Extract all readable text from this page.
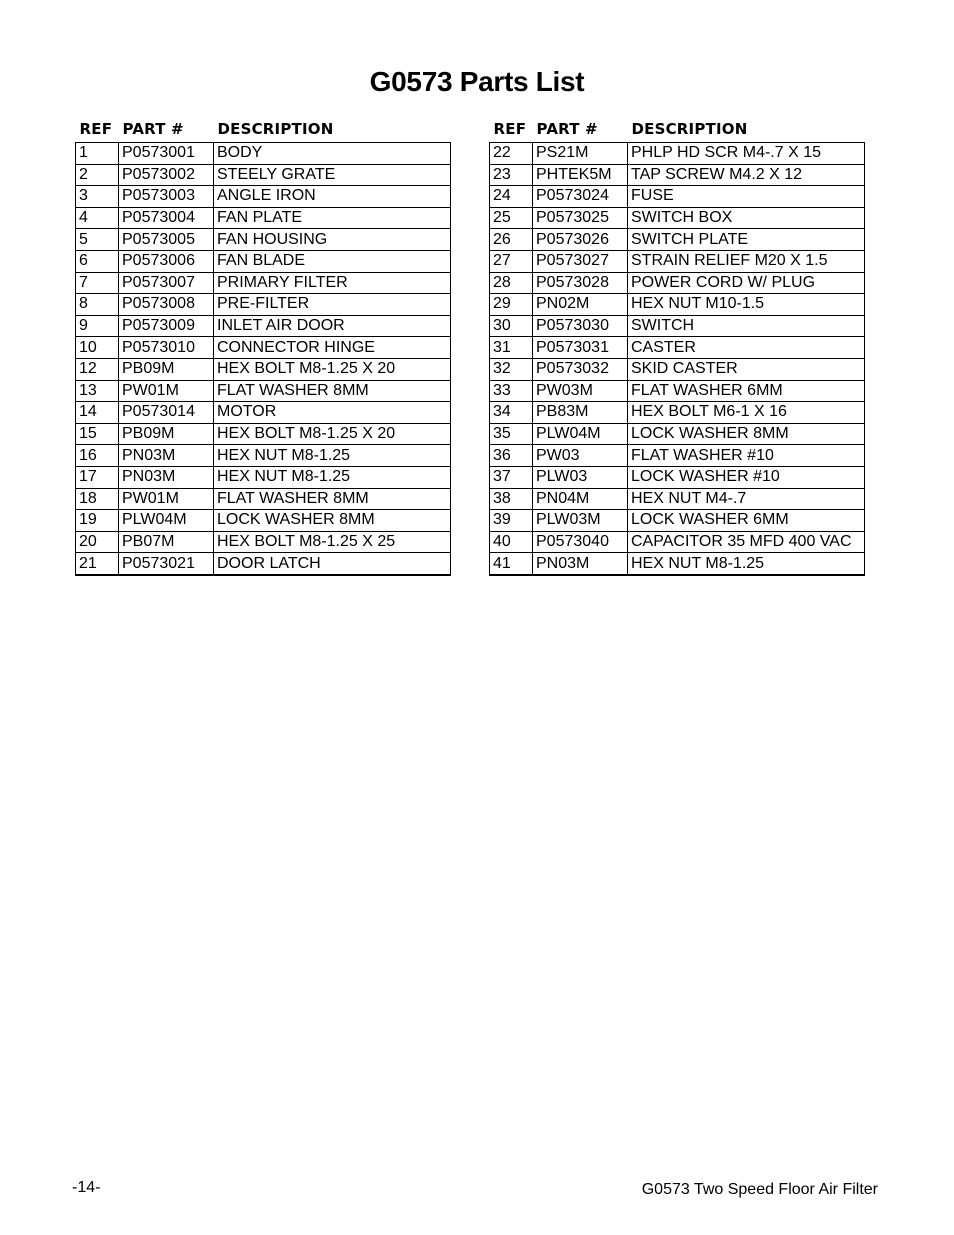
G0573 Parts List
REF	PART #	DESCRIPTION
1	P0573001	BODY
2	P0573002	STEELY GRATE
3	P0573003	ANGLE IRON
4	P0573004	FAN PLATE
5	P0573005	FAN HOUSING
6	P0573006	FAN BLADE
7	P0573007	PRIMARY FILTER
8	P0573008	PRE-FILTER
9	P0573009	INLET AIR DOOR
10	P0573010	CONNECTOR HINGE
12	PB09M	HEX BOLT M8-1.25 X 20
13	PW01M	FLAT WASHER 8MM
14	P0573014	MOTOR
15	PB09M	HEX BOLT M8-1.25 X 20
16	PN03M	HEX NUT M8-1.25
17	PN03M	HEX NUT M8-1.25
18	PW01M	FLAT WASHER 8MM
19	PLW04M	LOCK WASHER 8MM
20	PB07M	HEX BOLT M8-1.25 X 25
21	P0573021	DOOR LATCH
REF	PART #	DESCRIPTION
22	PS21M	PHLP HD SCR M4-.7 X 15
23	PHTEK5M	TAP SCREW M4.2 X 12
24	P0573024	FUSE
25	P0573025	SWITCH BOX
26	P0573026	SWITCH PLATE
27	P0573027	STRAIN RELIEF M20 X 1.5
28	P0573028	POWER CORD W/ PLUG
29	PN02M	HEX NUT M10-1.5
30	P0573030	SWITCH
31	P0573031	CASTER
32	P0573032	SKID CASTER
33	PW03M	FLAT WASHER 6MM
34	PB83M	HEX BOLT M6-1 X 16
35	PLW04M	LOCK WASHER 8MM
36	PW03	FLAT WASHER #10
37	PLW03	LOCK WASHER #10
38	PN04M	HEX NUT M4-.7
39	PLW03M	LOCK WASHER 6MM
40	P0573040	CAPACITOR 35 MFD 400 VAC
41	PN03M	HEX NUT M8-1.25
-14-	G0573 Two Speed Floor Air Filter
